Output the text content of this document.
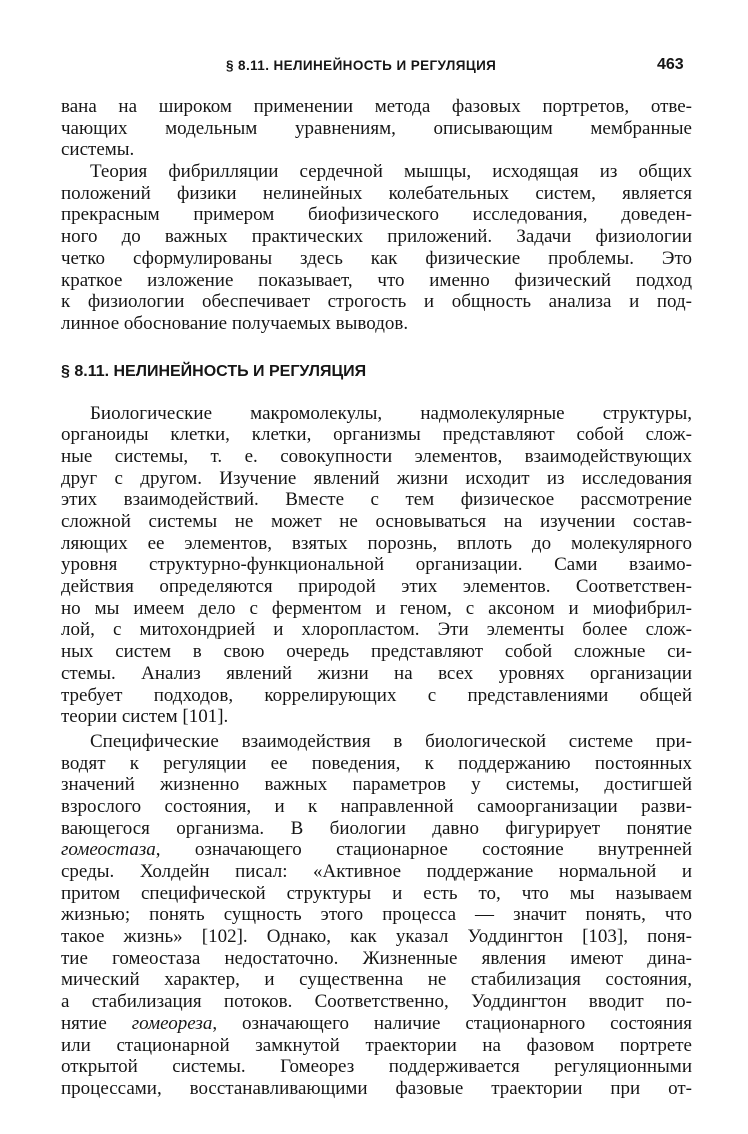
§ 8.11. НЕЛИНЕЙНОСТЬ И РЕГУЛЯЦИЯ	463
вана на широком применении метода фазовых портретов, отве-
чающих модельным уравнениям, описывающим мембранные
системы.
Теория фибрилляции сердечной мышцы, исходящая из общих
положений физики нелинейных колебательных систем, является
прекрасным примером биофизического исследования, доведен-
ного до важных практических приложений. Задачи физиологии
четко сформулированы здесь как физические проблемы. Это
краткое изложение показывает, что именно физический подход
к физиологии обеспечивает строгость и общность анализа и под-
линное обоснование получаемых выводов.
§ 8.11. НЕЛИНЕЙНОСТЬ И РЕГУЛЯЦИЯ
Биологические макромолекулы, надмолекулярные структуры,
органоиды клетки, клетки, организмы представляют собой слож-
ные системы, т. е. совокупности элементов, взаимодействующих
друг с другом. Изучение явлений жизни исходит из исследования
этих взаимодействий. Вместе с тем физическое рассмотрение
сложной системы не может не основываться на изучении состав-
ляющих ее элементов, взятых порознь, вплоть до молекулярного
уровня структурно-функциональной организации. Сами взаимо-
действия определяются природой этих элементов. Соответствен-
но мы имеем дело с ферментом и геном, с аксоном и миофибрил-
лой, с митохондрией и хлоропластом. Эти элементы более слож-
ных систем в свою очередь представляют собой сложные си-
стемы. Анализ явлений жизни на всех уровнях организации
требует подходов, коррелирующих с представлениями общей
теории систем [101].
Специфические взаимодействия в биологической системе при-
водят к регуляции ее поведения, к поддержанию постоянных
значений жизненно важных параметров у системы, достигшей
взрослого состояния, и к направленной самоорганизации разви-
вающегося организма. В биологии давно фигурирует понятие
гомеостаза, означающего стационарное состояние внутренней
среды. Холдейн писал: «Активное поддержание нормальной и
притом специфической структуры и есть то, что мы называем
жизнью; понять сущность этого процесса — значит понять, что
такое жизнь» [102]. Однако, как указал Уоддингтон [103], поня-
тие гомеостаза недостаточно. Жизненные явления имеют дина-
мический характер, и существенна не стабилизация состояния,
а стабилизация потоков. Соответственно, Уоддингтон вводит по-
нятие гомеореза, означающего наличие стационарного состояния
или стационарной замкнутой траектории на фазовом портрете
открытой системы. Гомеорез поддерживается регуляционными
процессами, восстанавливающими фазовые траектории при от-
